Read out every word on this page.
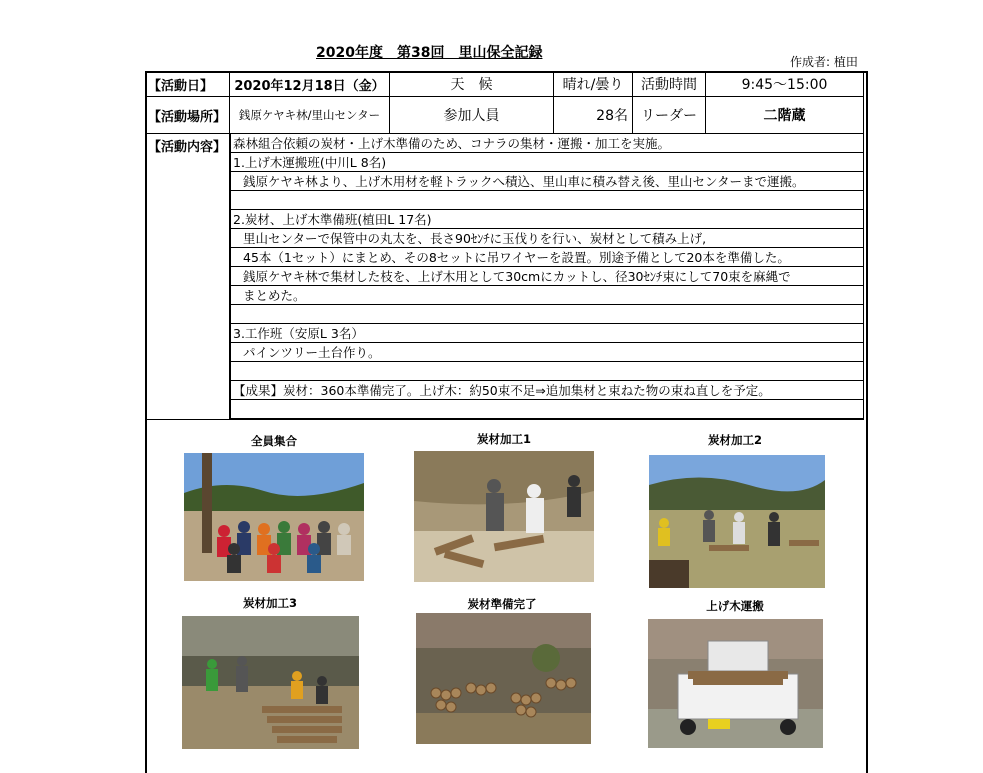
2020年度　第38回　里山保全記録
作成者: 植田
【活動日】	2020年12月18日（金）	天　候	晴れ/曇り	活動時間	9:45～15:00
【活動場所】	銭原ケヤキ林/里山センター	参加人員	28名 リーダー	二階蔵
【活動内容】 森林組合依頼の炭材・上げ木準備のため、コナラの集材・運搬・加工を実施。
1.上げ木運搬班(中川L 8名)
銭原ケヤキ林より、上げ木用材を軽トラックへ積込、里山車に積み替え後、里山センターまで運搬。
2.炭材、上げ木準備班(植田L 17名)
里山センターで保管中の丸太を、長さ90ｾﾝﾁに玉伐りを行い、炭材として積み上げ,
45本（1セット）にまとめ、その8セットに吊ワイヤーを設置。別途予備として20本を準備した。
銭原ケヤキ林で集材した枝を、上げ木用として30cmにカットし、径30ｾﾝﾁ束にして70束を麻縄で
まとめた。
3.工作班（安原L 3名）
パインツリー土台作り。
【成果】炭材：360本準備完了。上げ木：約50束不足⇒追加集材と束ねた物の束ね直しを予定。
全員集合	炭材加工1	炭材加工2
炭材加工3	炭材準備完了	上げ木運搬
